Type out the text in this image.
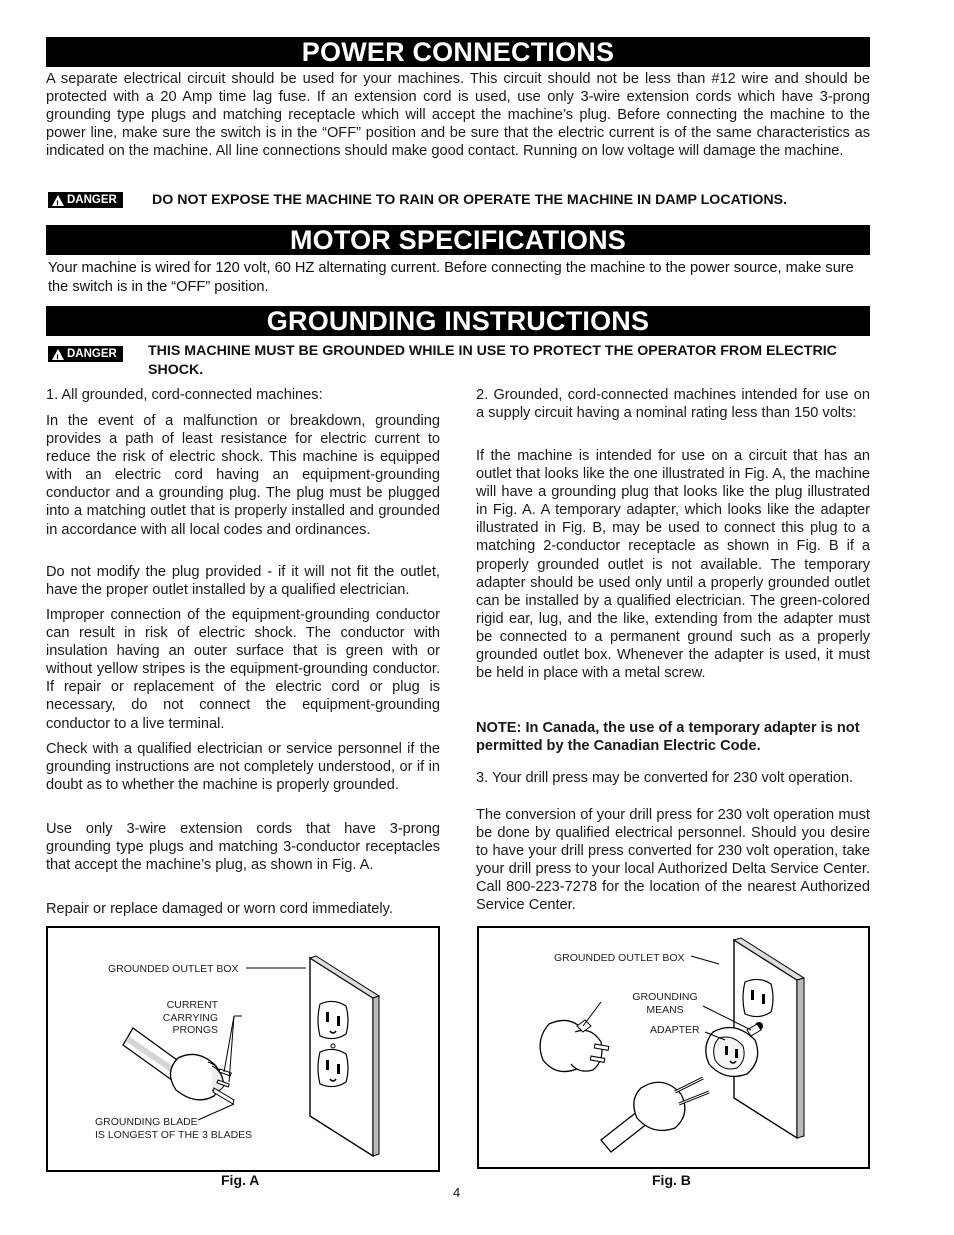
POWER CONNECTIONS
A separate electrical circuit should be used for your machines. This circuit should not be less than #12 wire and should be protected with a 20 Amp time lag fuse. If an extension cord is used, use only 3-wire extension cords which have 3-prong grounding type plugs and matching receptacle which will accept the machine’s plug. Before connecting the machine to the power line, make sure the switch is in the “OFF” position and be sure that the electric current is of the same characteristics as indicated on the machine. All line connections should make good contact. Running on low voltage will damage the machine.
!
DANGER DO NOT EXPOSE THE MACHINE TO RAIN OR OPERATE THE MACHINE IN DAMP LOCATIONS.
MOTOR SPECIFICATIONS
Your machine is wired for 120 volt, 60 HZ alternating current. Before connecting the machine to the power source, make sure the switch is in the “OFF” position.
GROUNDING INSTRUCTIONS
!
DANGER THIS MACHINE MUST BE GROUNDED WHILE IN USE TO PROTECT THE OPERATOR FROM ELECTRIC SHOCK.
1. All grounded, cord-connected machines:
In the event of a malfunction or breakdown, grounding provides a path of least resistance for electric current to reduce the risk of electric shock. This machine is equipped with an electric cord having an equipment-grounding conductor and a grounding plug. The plug must be plugged into a matching outlet that is properly installed and grounded in accordance with all local codes and ordinances.
Do not modify the plug provided - if it will not fit the outlet, have the proper outlet installed by a qualified electrician.
Improper connection of the equipment-grounding conductor can result in risk of electric shock. The conductor with insulation having an outer surface that is green with or without yellow stripes is the equipment-grounding conductor. If repair or replacement of the electric cord or plug is necessary, do not connect the equipment-grounding conductor to a live terminal.
Check with a qualified electrician or service personnel if the grounding instructions are not completely understood, or if in doubt as to whether the machine is properly grounded.
Use only 3-wire extension cords that have 3-prong grounding type plugs and matching 3-conductor receptacles that accept the machine’s plug, as shown in Fig. A.
Repair or replace damaged or worn cord immediately.
2. Grounded, cord-connected machines intended for use on a supply circuit having a nominal rating less than 150 volts:
If the machine is intended for use on a circuit that has an outlet that looks like the one illustrated in Fig. A, the machine will have a grounding plug that looks like the plug illustrated in Fig. A. A temporary adapter, which looks like the adapter illustrated in Fig. B, may be used to connect this plug to a matching 2-conductor receptacle as shown in Fig. B if a properly grounded outlet is not available. The temporary adapter should be used only until a properly grounded outlet can be installed by a qualified electrician. The green-colored rigid ear, lug, and the like, extending from the adapter must be connected to a permanent ground such as a properly grounded outlet box. Whenever the adapter is used, it must be held in place with a metal screw.
NOTE: In Canada, the use of a temporary adapter is not permitted by the Canadian Electric Code.
3. Your drill press may be converted for 230 volt operation.
The conversion of your drill press for 230 volt operation must be done by qualified electrical personnel. Should you desire to have your drill press converted for 230 volt operation, take your drill press to your local Authorized Delta Service Center. Call 800-223-7278 for the location of the nearest Authorized Service Center.
GROUNDED OUTLET BOX
CURRENT
CARRYING
PRONGS
GROUNDING BLADE
IS LONGEST OF THE 3 BLADES
Fig. A
GROUNDED OUTLET BOX
GROUNDING
MEANS
ADAPTER
Fig. B
4
